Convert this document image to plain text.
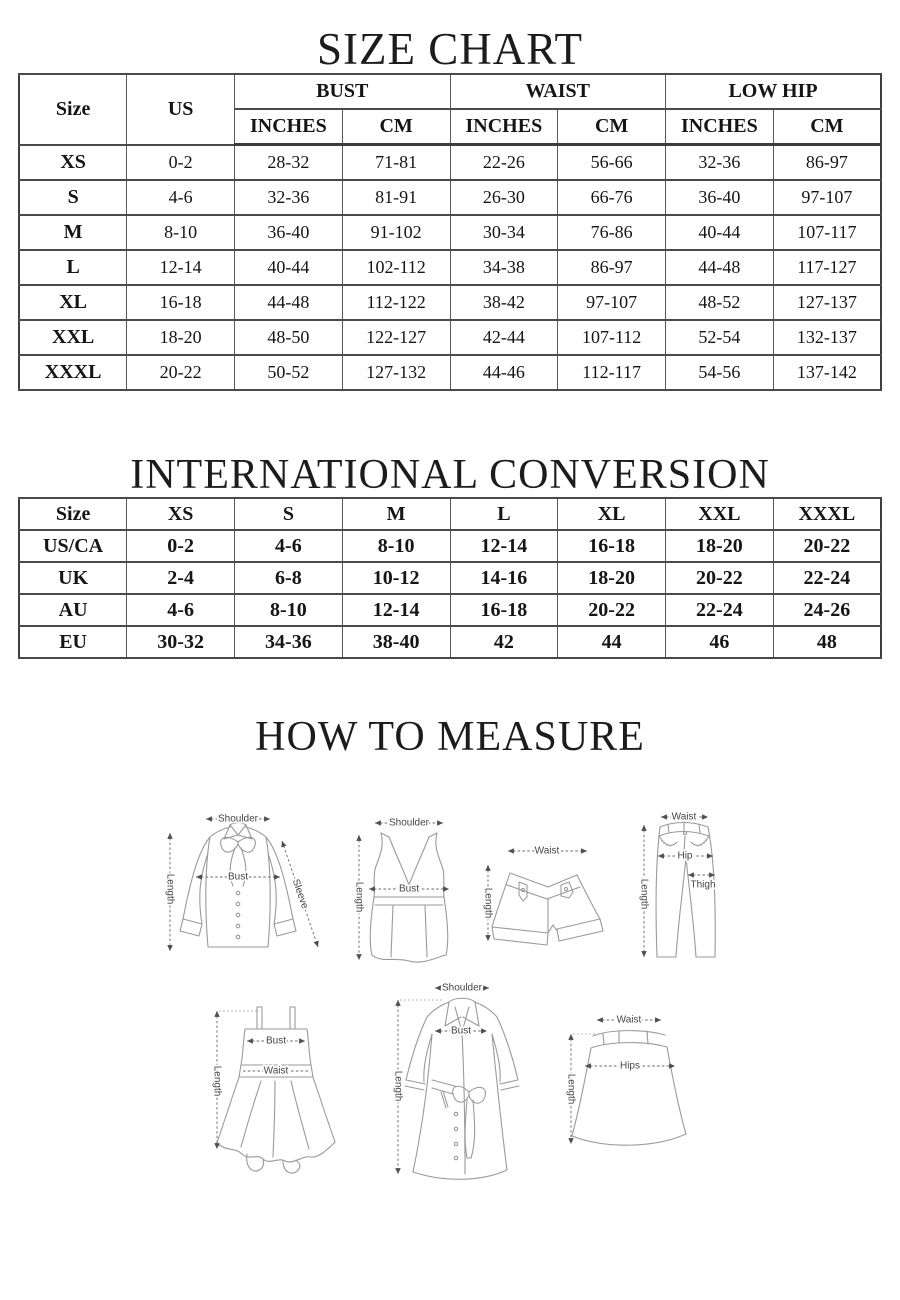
SIZE CHART
Size	US	BUST		WAIST		LOW HIP	
		INCHES	CM	INCHES	CM	INCHES	CM
XS	0-2	28-32	71-81	22-26	56-66	32-36	86-97
S	4-6	32-36	81-91	26-30	66-76	36-40	97-107
M	8-10	36-40	91-102	30-34	76-86	40-44	107-117
L	12-14	40-44	102-112	34-38	86-97	44-48	117-127
XL	16-18	44-48	112-122	38-42	97-107	48-52	127-137
XXL	18-20	48-50	122-127	42-44	107-112	52-54	132-137
XXXL	20-22	50-52	127-132	44-46	112-117	54-56	137-142
INTERNATIONAL CONVERSION
Size	XS	S	M	L	XL	XXL	XXXL
US/CA	0-2	4-6	8-10	12-14	16-18	18-20	20-22
UK	2-4	6-8	10-12	14-16	18-20	20-22	22-24
AU	4-6	8-10	12-14	16-18	20-22	22-24	24-26
EU	30-32	34-36	38-40	42	44	46	48
HOW TO MEASURE
Shoulder
Length	Bust
Sleeve
Shoulder
Length	Bust
Waist
Length
Waist
Length
Hip
Thigh
Length
Bust
Waist
Shoulder
Length
Bust
Waist
Length
Hips
